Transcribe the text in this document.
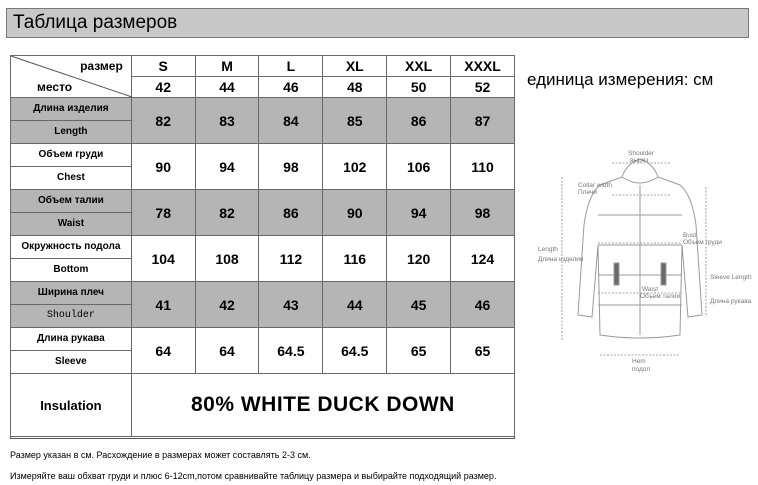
Таблица размеров
размер
место	S	M	L	XL	XXL	XXXL
	42	44	46	48	50	52

Длина изделия
Length	82	83	84	85	86	87

Объем груди
Chest	90	94	98	102	106	110

Объем талии
Waist	78	82	86	90	94	98

Окружность подола
Bottom	104	108	112	116	120	124

Ширина плеч
Shoulder	41	42	43	44	45	46

Длина рукава
Sleeve	64	64	64.5	64.5	65	65
Insulation	80% WHITE DUCK DOWN					
единица измерения: см
Shoulder
вырез
Collar width
Плечи
Length
Длина изделия
Bust
Объем груди
Waist
Объем талии
Sleeve Length
Длина рукава
Hem
подол
Размер указан в см. Расхождение в размерах может составлять 2-3 см.
Измеряйте ваш обхват груди и плюс 6-12cm,потом сравнивайте таблицу размера и выбирайте подходящий размер.
